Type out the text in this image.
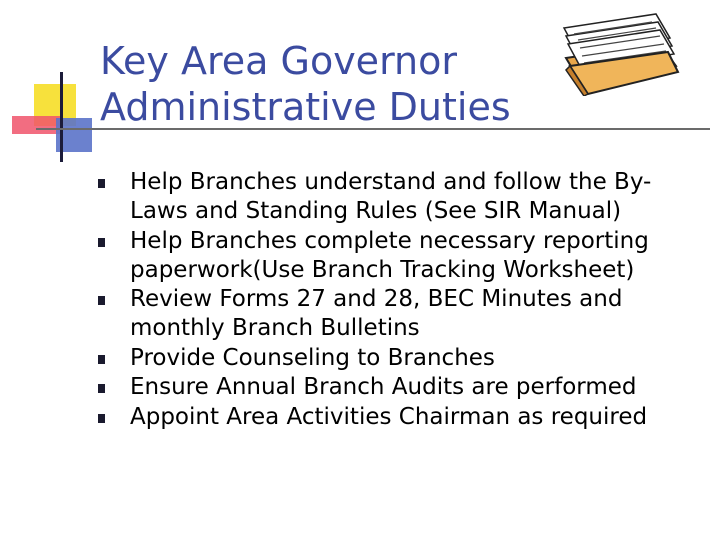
Key Area Governor
Administrative Duties
Help Branches understand and follow the By-Laws and Standing Rules (See SIR Manual)
Help Branches complete necessary reporting paperwork(Use Branch Tracking Worksheet)
Review Forms 27 and 28, BEC Minutes and monthly Branch Bulletins
Provide Counseling to Branches
Ensure Annual Branch Audits are performed
Appoint Area Activities Chairman as required
